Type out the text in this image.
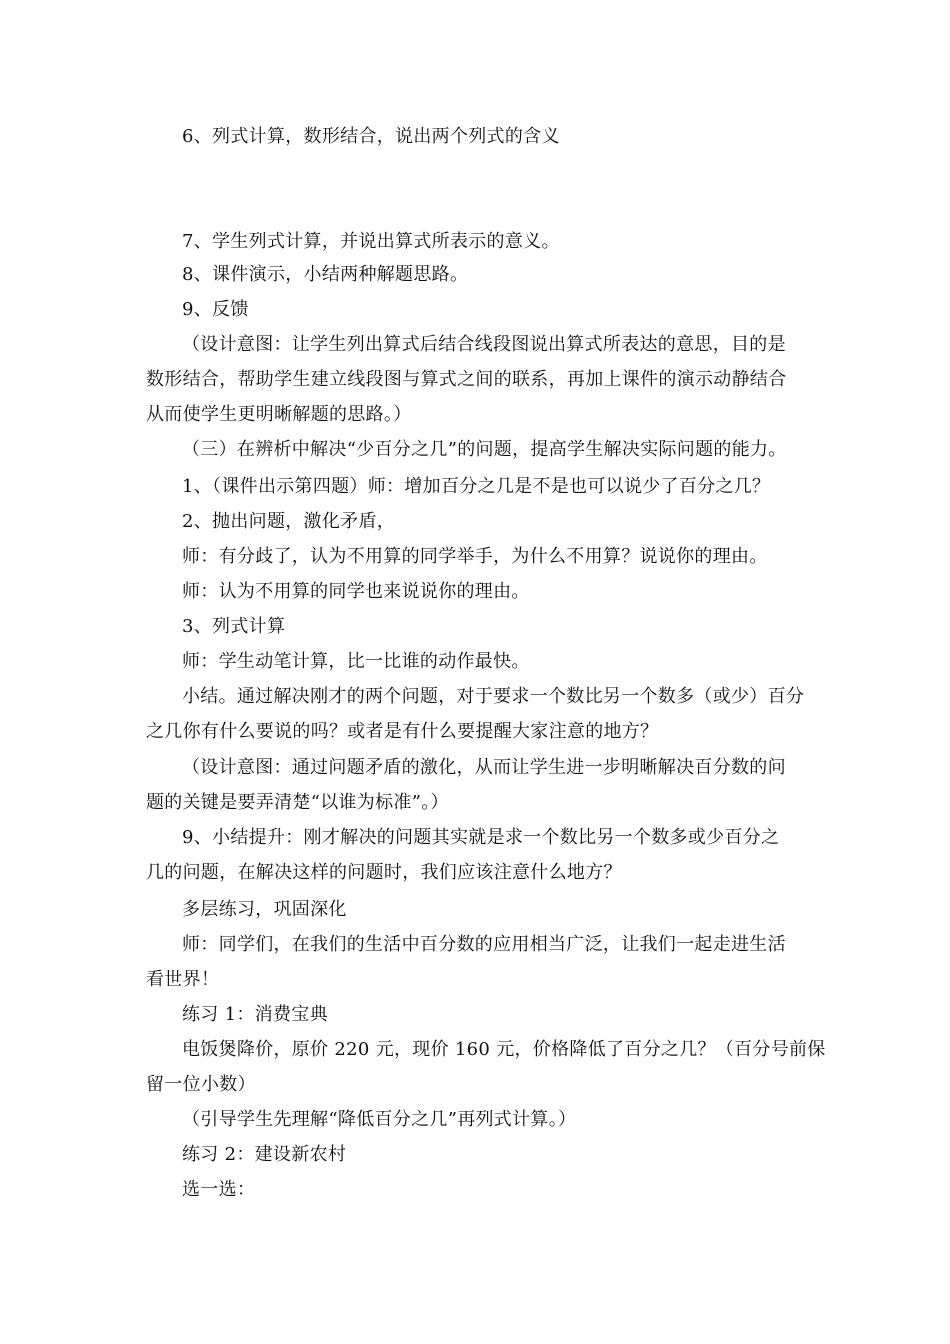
6、列式计算，数形结合，说出两个列式的含义
7、学生列式计算，并说出算式所表示的意义。
8、课件演示，小结两种解题思路。
9、反馈
（设计意图：让学生列出算式后结合线段图说出算式所表达的意思，目的是
数形结合，帮助学生建立线段图与算式之间的联系，再加上课件的演示动静结合
从而使学生更明晰解题的思路。）
（三）在辨析中解决“少百分之几”的问题，提高学生解决实际问题的能力。
1、（课件出示第四题）师：增加百分之几是不是也可以说少了百分之几？
2、抛出问题，激化矛盾，
师：有分歧了，认为不用算的同学举手，为什么不用算？说说你的理由。
师：认为不用算的同学也来说说你的理由。
3、列式计算
师：学生动笔计算，比一比谁的动作最快。
小结。通过解决刚才的两个问题，对于要求一个数比另一个数多（或少）百分
之几你有什么要说的吗？或者是有什么要提醒大家注意的地方？
（设计意图：通过问题矛盾的激化，从而让学生进一步明晰解决百分数的问
题的关键是要弄清楚“以谁为标准”。）
9、小结提升：刚才解决的问题其实就是求一个数比另一个数多或少百分之
几的问题，在解决这样的问题时，我们应该注意什么地方？
多层练习，巩固深化
师：同学们，在我们的生活中百分数的应用相当广泛，让我们一起走进生活
看世界！
练习 1：消费宝典
电饭煲降价，原价 220 元，现价 160 元，价格降低了百分之几？（百分号前保
留一位小数）
（引导学生先理解“降低百分之几”再列式计算。）
练习 2：建设新农村
选一选：
